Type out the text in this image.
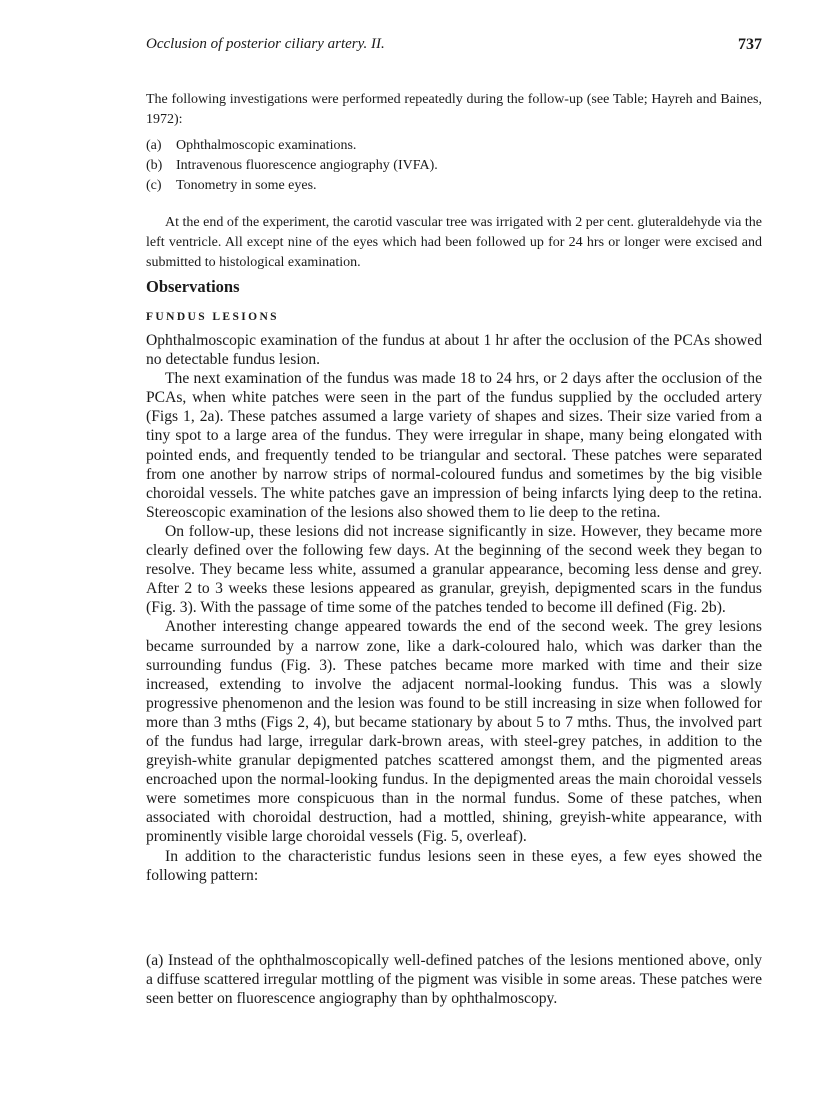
Occlusion of posterior ciliary artery. II.	737

The following investigations were performed repeatedly during the follow-up (see Table; Hayreh and Baines, 1972):

(a) Ophthalmoscopic examinations.
(b) Intravenous fluorescence angiography (IVFA).
(c) Tonometry in some eyes.

At the end of the experiment, the carotid vascular tree was irrigated with 2 per cent. gluteraldehyde via the left ventricle. All except nine of the eyes which had been followed up for 24 hrs or longer were excised and submitted to histological examination.

Observations
FUNDUS LESIONS

Ophthalmoscopic examination of the fundus at about 1 hr after the occlusion of the PCAs showed no detectable fundus lesion.

The next examination of the fundus was made 18 to 24 hrs, or 2 days after the occlusion of the PCAs, when white patches were seen in the part of the fundus supplied by the occluded artery (Figs 1, 2a). These patches assumed a large variety of shapes and sizes. Their size varied from a tiny spot to a large area of the fundus. They were irregular in shape, many being elongated with pointed ends, and frequently tended to be triangular and sectoral. These patches were separated from one another by narrow strips of normal-coloured fundus and sometimes by the big visible choroidal vessels. The white patches gave an impression of being infarcts lying deep to the retina. Stereoscopic examination of the lesions also showed them to lie deep to the retina.

On follow-up, these lesions did not increase significantly in size. However, they became more clearly defined over the following few days. At the beginning of the second week they began to resolve. They became less white, assumed a granular appearance, becoming less dense and grey. After 2 to 3 weeks these lesions appeared as granular, greyish, depigmented scars in the fundus (Fig. 3). With the passage of time some of the patches tended to become ill defined (Fig. 2b).

Another interesting change appeared towards the end of the second week. The grey lesions became surrounded by a narrow zone, like a dark-coloured halo, which was darker than the surrounding fundus (Fig. 3). These patches became more marked with time and their size increased, extending to involve the adjacent normal-looking fundus. This was a slowly progressive phenomenon and the lesion was found to be still increasing in size when followed for more than 3 mths (Figs 2, 4), but became stationary by about 5 to 7 mths. Thus, the involved part of the fundus had large, irregular dark-brown areas, with steel-grey patches, in addition to the greyish-white granular depigmented patches scattered amongst them, and the pigmented areas encroached upon the normal-looking fundus. In the depigmented areas the main choroidal vessels were sometimes more conspicuous than in the normal fundus. Some of these patches, when associated with choroidal destruction, had a mottled, shining, greyish-white appearance, with prominently visible large choroidal vessels (Fig. 5, overleaf).

In addition to the characteristic fundus lesions seen in these eyes, a few eyes showed the following pattern:

(a) Instead of the ophthalmoscopically well-defined patches of the lesions mentioned above, only a diffuse scattered irregular mottling of the pigment was visible in some areas. These patches were seen better on fluorescence angiography than by ophthalmoscopy.
